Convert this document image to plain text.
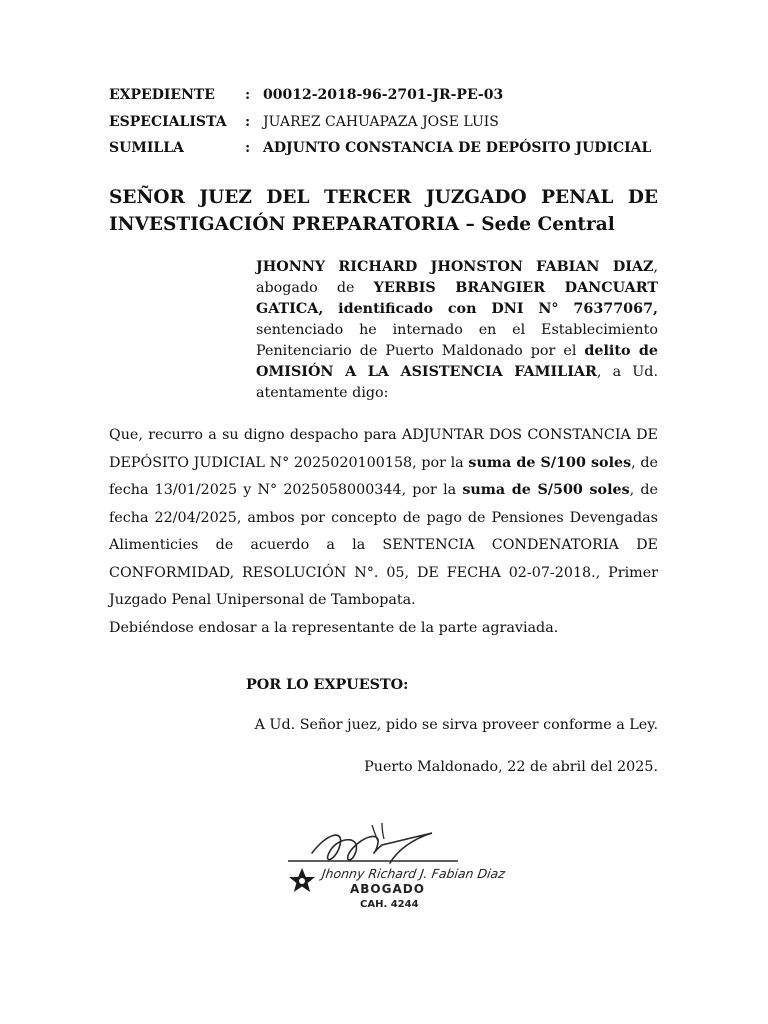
EXPEDIENTE : 00012-2018-96-2701-JR-PE-03
ESPECIALISTA : JUAREZ CAHUAPAZA JOSE LUIS
SUMILLA	: ADJUNTO CONSTANCIA DE DEPÓSITO JUDICIAL
SEÑOR JUEZ DEL TERCER JUZGADO PENAL DE
INVESTIGACIÓN PREPARATORIA – Sede Central
JHONNY RICHARD JHONSTON FABIAN DIAZ, abogado de YERBIS BRANGIER DANCUART GATICA, identificado con DNI N° 76377067, sentenciado he internado en el Establecimiento Penitenciario de Puerto Maldonado por el delito de OMISIÓN A LA ASISTENCIA FAMILIAR, a Ud. atentamente digo:
Que, recurro a su digno despacho para ADJUNTAR DOS CONSTANCIA DE
DEPÓSITO JUDICIAL N° 2025020100158, por la suma de S/100 soles, de
fecha 13/01/2025 y N° 2025058000344, por la suma de S/500 soles, de
fecha 22/04/2025, ambos por concepto de pago de Pensiones Devengadas
Alimenticies de acuerdo a la SENTENCIA CONDENATORIA DE
CONFORMIDAD, RESOLUCIÓN N°. 05, DE FECHA 02-07-2018., Primer
Juzgado Penal Unipersonal de Tambopata.
Debiéndose endosar a la representante de la parte agraviada.
POR LO EXPUESTO:
A Ud. Señor juez, pido se sirva proveer conforme a Ley.
Puerto Maldonado, 22 de abril del 2025.
Jhonny Richard J. Fabian Diaz
ABOGADO
CAH. 4244
